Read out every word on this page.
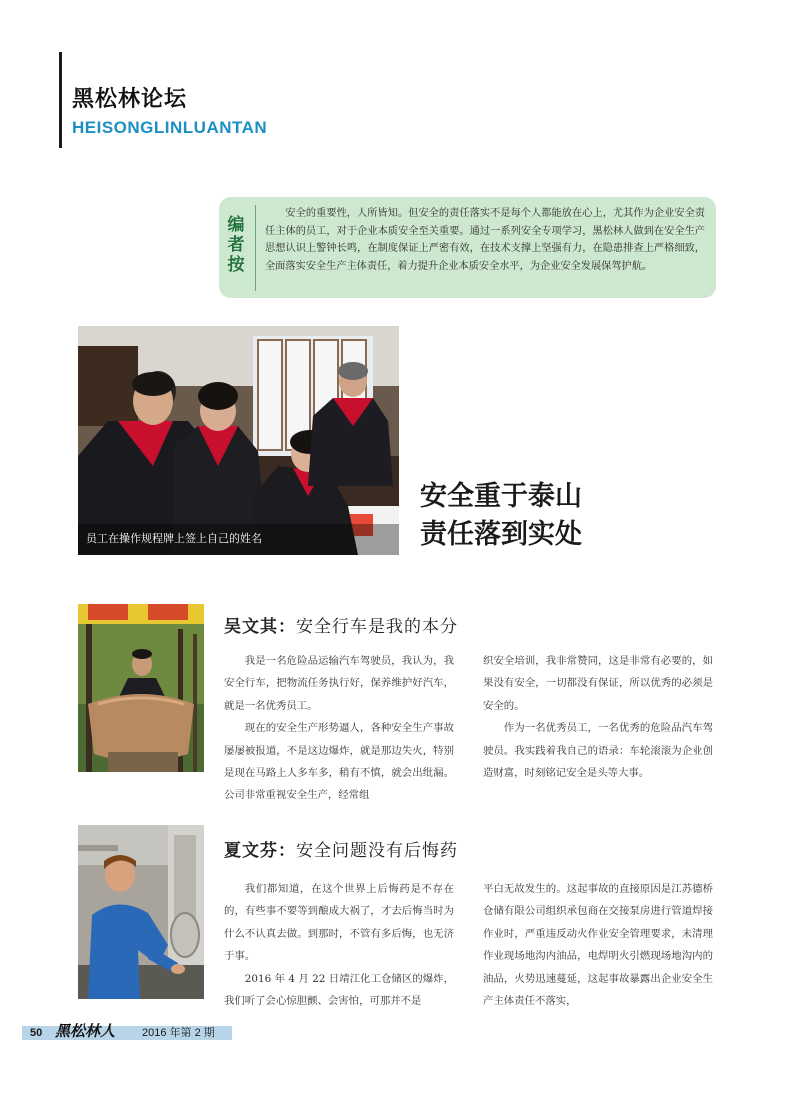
黑松林论坛
HEISONGLINLUANTAN
编者按
安全的重要性，人所皆知。但安全的责任落实不是每个人都能放在心上，尤其作为企业安全责任主体的员工，对于企业本质安全至关重要。通过一系列安全专项学习，黑松林人做到在安全生产思想认识上警钟长鸣，在制度保证上严密有效，在技术支撑上坚强有力，在隐患排查上严格细致，全面落实安全生产主体责任，着力提升企业本质安全水平，为企业安全发展保驾护航。
员工在操作规程牌上签上自己的姓名
安全重于泰山
责任落到实处
吴文其：安全行车是我的本分

我是一名危险品运输汽车驾驶员，我认为，我安全行车，把物流任务执行好，保养维护好汽车，就是一名优秀员工。

现在的安全生产形势逼人，各种安全生产事故屡屡被报道，不是这边爆炸，就是那边失火，特别是现在马路上人多车多，稍有不慎，就会出纰漏。公司非常重视安全生产，经常组

织安全培训，我非常赞同，这是非常有必要的，如果没有安全，一切都没有保证，所以优秀的必须是安全的。

作为一名优秀员工，一名优秀的危险品汽车驾驶员。我实践着我自己的语录：车轮滚滚为企业创造财富，时刻铭记安全是头等大事。

夏文芬：安全问题没有后悔药

我们都知道，在这个世界上后悔药是不存在的，有些事不要等到酿成大祸了，才去后悔当时为什么不认真去做。到那时，不管有多后悔，也无济于事。

2016 年 4 月 22 日靖江化工仓储区的爆炸，我们听了会心惊胆颤、会害怕，可那并不是

平白无故发生的。这起事故的直接原因是江苏德桥仓储有限公司组织承包商在交接泵房进行管道焊接作业时，严重违反动火作业安全管理要求，未清理作业现场地沟内油品，电焊明火引燃现场地沟内的油品，火势迅速蔓延，这起事故暴露出企业安全生产主体责任不落实，

50 黑松林人 2016 年第 2 期
